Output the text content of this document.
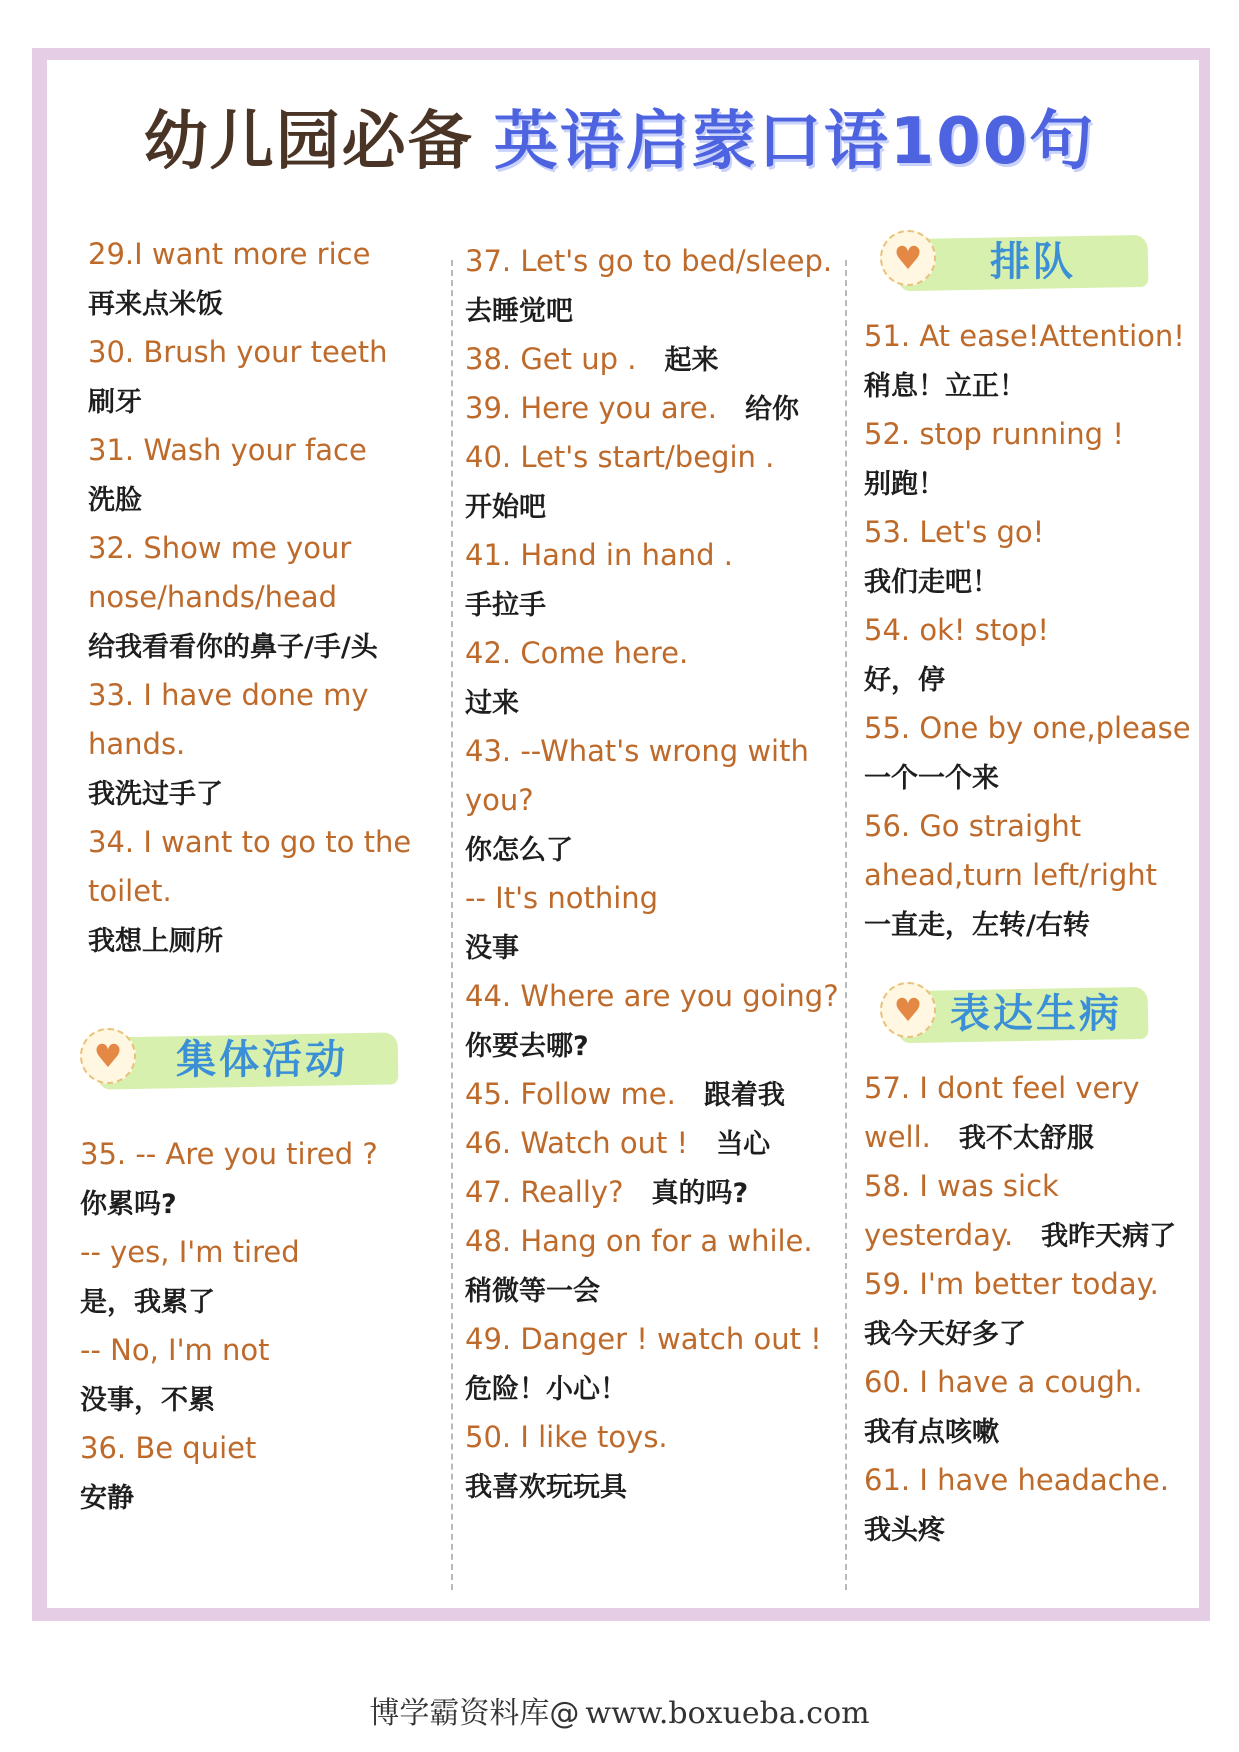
幼儿园必备 英语启蒙口语100句
29.I want more rice
再来点米饭
30. Brush your teeth
刷牙
31. Wash your face
洗脸
32. Show me your
nose/hands/head
给我看看你的鼻子/手/头
33. I have done my
hands.
我洗过手了
34. I want to go to the
toilet.
我想上厕所
♥	集体活动
35. -- Are you tired ?
你累吗?
-- yes, I'm tired
是，我累了
-- No, I'm not
没事，不累
36. Be quiet
安静
37. Let's go to bed/sleep.
去睡觉吧
38. Get up . 起来
39. Here you are. 给你
40. Let's start/begin .
开始吧
41. Hand in hand .
手拉手
42. Come here.
过来
43. --What's wrong with
you?
你怎么了
-- It's nothing
没事
44. Where are you going?
你要去哪?
45. Follow me. 跟着我
46. Watch out ! 当心
47. Really? 真的吗?
48. Hang on for a while.
稍微等一会
49. Danger ! watch out !
危险！小心！
50. I like toys.
我喜欢玩玩具
♥	排队
51. At ease!Attention!
稍息！立正！
52. stop running !
别跑！
53. Let's go!
我们走吧！
54. ok! stop!
好，停
55. One by one,please
一个一个来
56. Go straight
ahead,turn left/right
一直走，左转/右转
♥ 表达生病
57. I dont feel very
well. 我不太舒服
58. I was sick
yesterday. 我昨天病了
59. I'm better today.
我今天好多了
60. I have a cough.
我有点咳嗽
61. I have headache.
我头疼
博学霸资料库@ www.boxueba.com
